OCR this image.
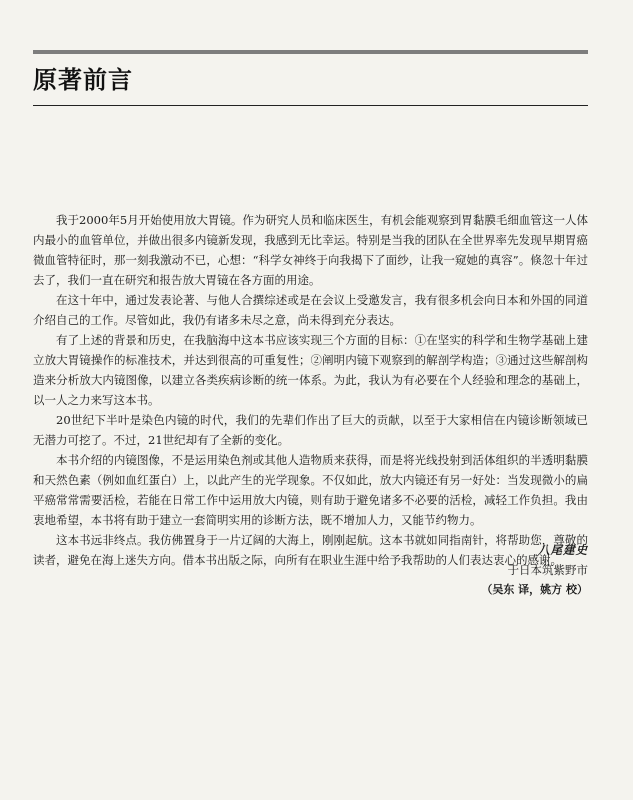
原著前言

我于2000年5月开始使用放大胃镜。作为研究人员和临床医生，有机会能观察到胃黏膜毛细血管这一人体内最小的血管单位，并做出很多内镜新发现，我感到无比幸运。特别是当我的团队在全世界率先发现早期胃癌微血管特征时，那一刻我激动不已，心想：“科学女神终于向我揭下了面纱，让我一窥她的真容”。倏忽十年过去了，我们一直在研究和报告放大胃镜在各方面的用途。

在这十年中，通过发表论著、与他人合撰综述或是在会议上受邀发言，我有很多机会向日本和外国的同道介绍自己的工作。尽管如此，我仍有诸多未尽之意，尚未得到充分表达。

有了上述的背景和历史，在我脑海中这本书应该实现三个方面的目标：①在坚实的科学和生物学基础上建立放大胃镜操作的标准技术，并达到很高的可重复性；②阐明内镜下观察到的解剖学构造；③通过这些解剖构造来分析放大内镜图像，以建立各类疾病诊断的统一体系。为此，我认为有必要在个人经验和理念的基础上，以一人之力来写这本书。

20世纪下半叶是染色内镜的时代，我们的先辈们作出了巨大的贡献，以至于大家相信在内镜诊断领域已无潜力可挖了。不过，21世纪却有了全新的变化。

本书介绍的内镜图像，不是运用染色剂或其他人造物质来获得，而是将光线投射到活体组织的半透明黏膜和天然色素（例如血红蛋白）上，以此产生的光学现象。不仅如此，放大内镜还有另一好处：当发现微小的扁平癌常常需要活检，若能在日常工作中运用放大内镜，则有助于避免诸多不必要的活检，减轻工作负担。我由衷地希望，本书将有助于建立一套简明实用的诊断方法，既不增加人力，又能节约物力。

这本书远非终点。我仿佛置身于一片辽阔的大海上，刚刚起航。这本书就如同指南针，将帮助您，尊敬的读者，避免在海上迷失方向。借本书出版之际，向所有在职业生涯中给予我帮助的人们表达衷心的感谢。

八尾建史
于日本筑紫野市
（吴东 译，姚方 校）
